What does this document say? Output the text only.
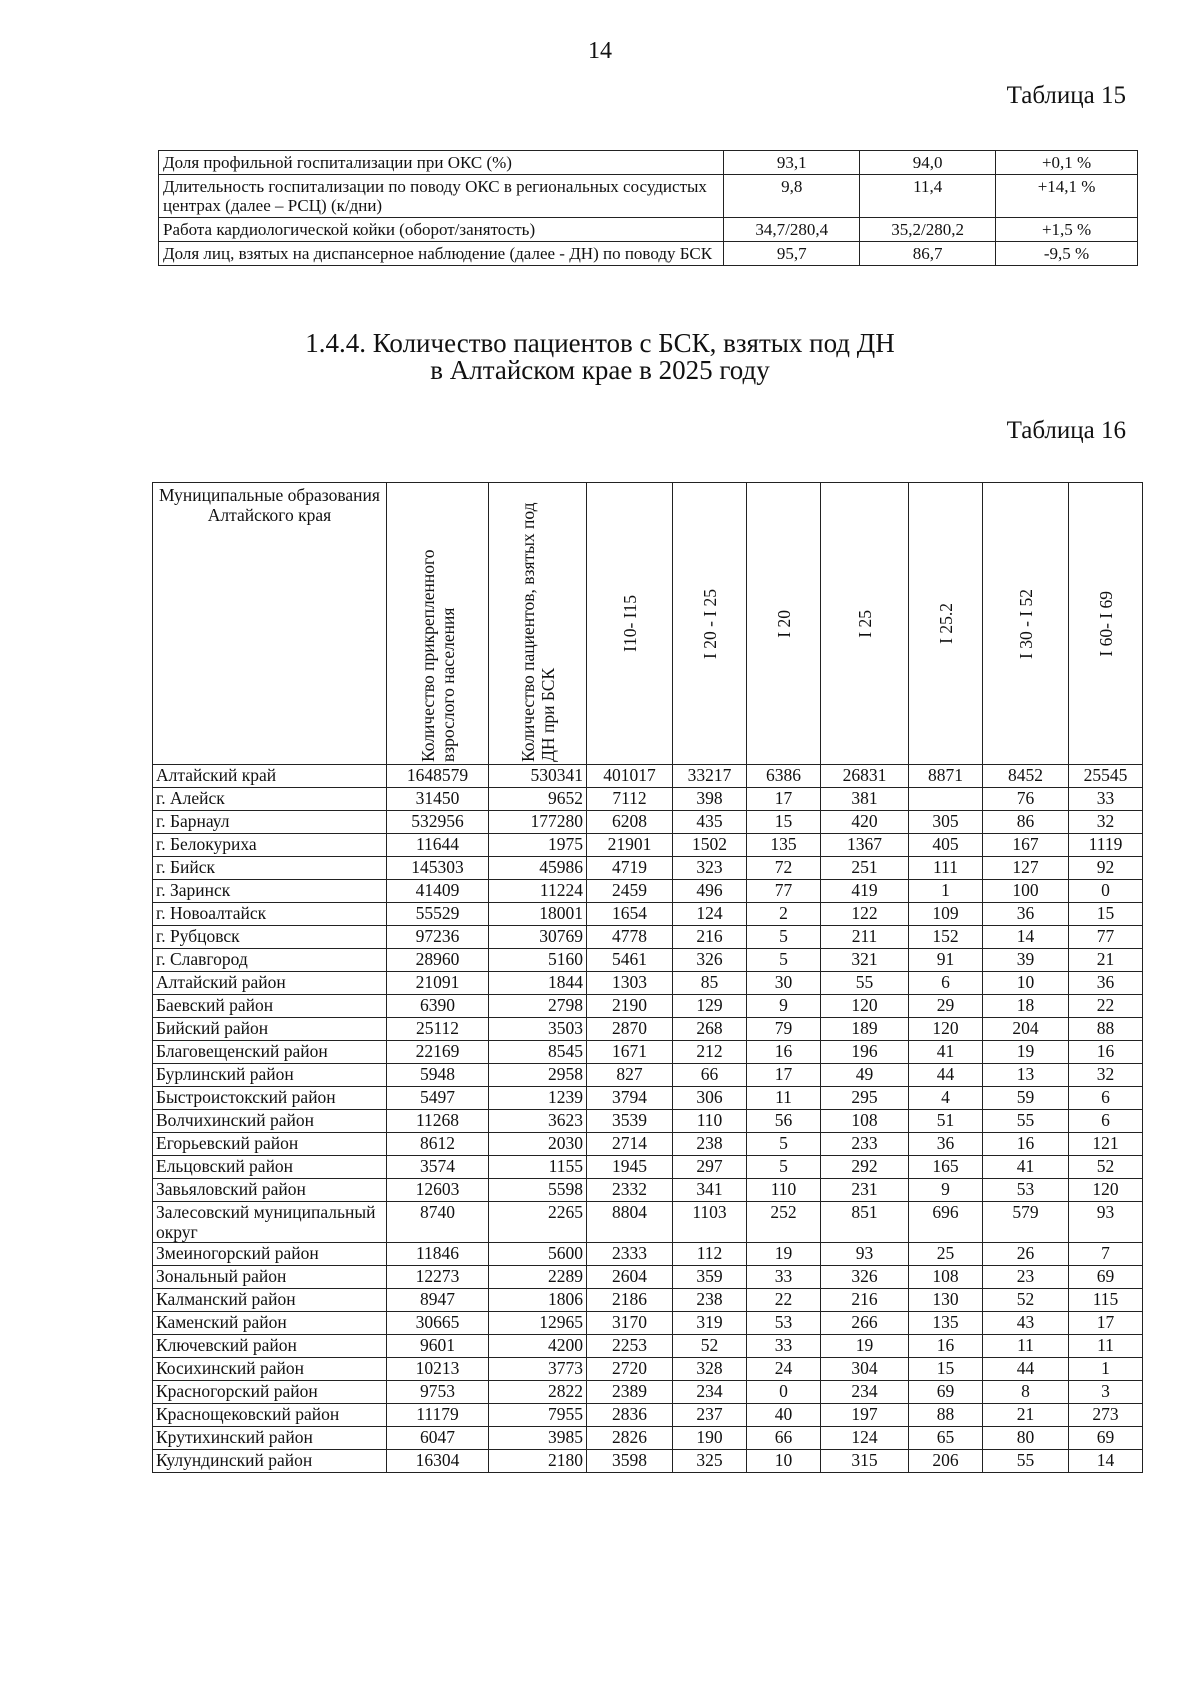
14
Таблица 15
Доля профильной госпитализации при ОКС (%)	93,1	94,0	+0,1 %
Длительность госпитализации по поводу ОКС в региональных сосудистых центрах (далее – РСЦ) (к/дни)	9,8	11,4	+14,1 %
Работа кардиологической койки (оборот/занятость)	34,7/280,4	35,2/280,2	+1,5 %
Доля лиц, взятых на диспансерное наблюдение (далее - ДН) по поводу БСК	95,7	86,7	-9,5 %
1.4.4. Количество пациентов с БСК, взятых под ДН
в Алтайском крае в 2025 году
Таблица 16
Муниципальные образования Алтайского края	Количество прикрепленного взрослого населения	Количество пациентов, взятых под ДН при БСК	I10- I15	I 20 - I 25	I 20	I 25	I 25.2	I 30 - I 52	I 60- I 69

Алтайский край	1648579	530341	401017	33217	6386	26831	8871	8452	25545
г. Алейск	31450	9652	7112	398	17	381		76	33
г. Барнаул	532956	177280	6208	435	15	420	305	86	32
г. Белокуриха	11644	1975	21901	1502	135	1367	405	167	1119
г. Бийск	145303	45986	4719	323	72	251	111	127	92
г. Заринск	41409	11224	2459	496	77	419	1	100	0
г. Новоалтайск	55529	18001	1654	124	2	122	109	36	15
г. Рубцовск	97236	30769	4778	216	5	211	152	14	77
г. Славгород	28960	5160	5461	326	5	321	91	39	21
Алтайский район	21091	1844	1303	85	30	55	6	10	36
Баевский район	6390	2798	2190	129	9	120	29	18	22
Бийский район	25112	3503	2870	268	79	189	120	204	88
Благовещенский район	22169	8545	1671	212	16	196	41	19	16
Бурлинский район	5948	2958	827	66	17	49	44	13	32
Быстроистокский район	5497	1239	3794	306	11	295	4	59	6
Волчихинский район	11268	3623	3539	110	56	108	51	55	6
Егорьевский район	8612	2030	2714	238	5	233	36	16	121
Ельцовский район	3574	1155	1945	297	5	292	165	41	52
Завьяловский район	12603	5598	2332	341	110	231	9	53	120
Залесовский муниципальный округ	8740	2265	8804	1103	252	851	696	579	93
Змеиногорский район	11846	5600	2333	112	19	93	25	26	7
Зональный район	12273	2289	2604	359	33	326	108	23	69
Калманский район	8947	1806	2186	238	22	216	130	52	115
Каменский район	30665	12965	3170	319	53	266	135	43	17
Ключевский район	9601	4200	2253	52	33	19	16	11	11
Косихинский район	10213	3773	2720	328	24	304	15	44	1
Красногорский район	9753	2822	2389	234	0	234	69	8	3
Краснощековский район	11179	7955	2836	237	40	197	88	21	273
Крутихинский район	6047	3985	2826	190	66	124	65	80	69
Кулундинский район	16304	2180	3598	325	10	315	206	55	14
